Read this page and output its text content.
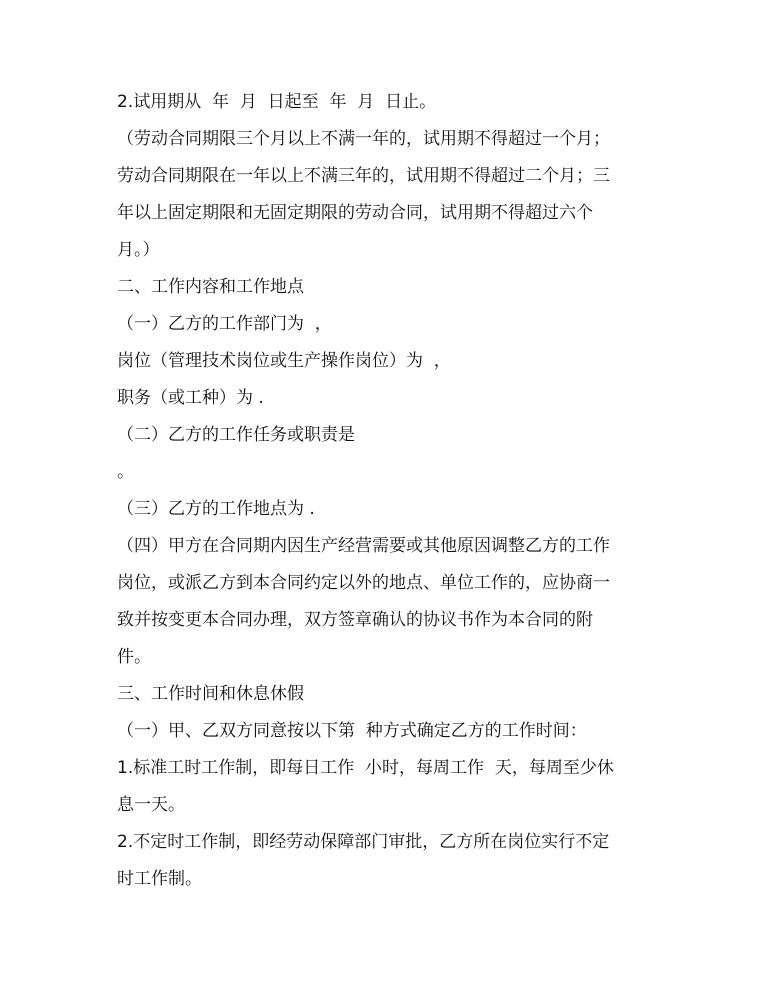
2.试用期从  年  月  日起至  年  月  日止。
（劳动合同期限三个月以上不满一年的，试用期不得超过一个月；
劳动合同期限在一年以上不满三年的，试用期不得超过二个月；三
年以上固定期限和无固定期限的劳动合同，试用期不得超过六个
月。）
二、工作内容和工作地点
（一）乙方的工作部门为  ，
岗位（管理技术岗位或生产操作岗位）为  ，
职务（或工种）为 .
（二）乙方的工作任务或职责是
。
（三）乙方的工作地点为 .
（四）甲方在合同期内因生产经营需要或其他原因调整乙方的工作
岗位，或派乙方到本合同约定以外的地点、单位工作的，应协商一
致并按变更本合同办理，双方签章确认的协议书作为本合同的附
件。
三、工作时间和休息休假
（一）甲、乙双方同意按以下第  种方式确定乙方的工作时间：
1.标准工时工作制，即每日工作  小时，每周工作  天，每周至少休
息一天。
2.不定时工作制，即经劳动保障部门审批，乙方所在岗位实行不定
时工作制。
